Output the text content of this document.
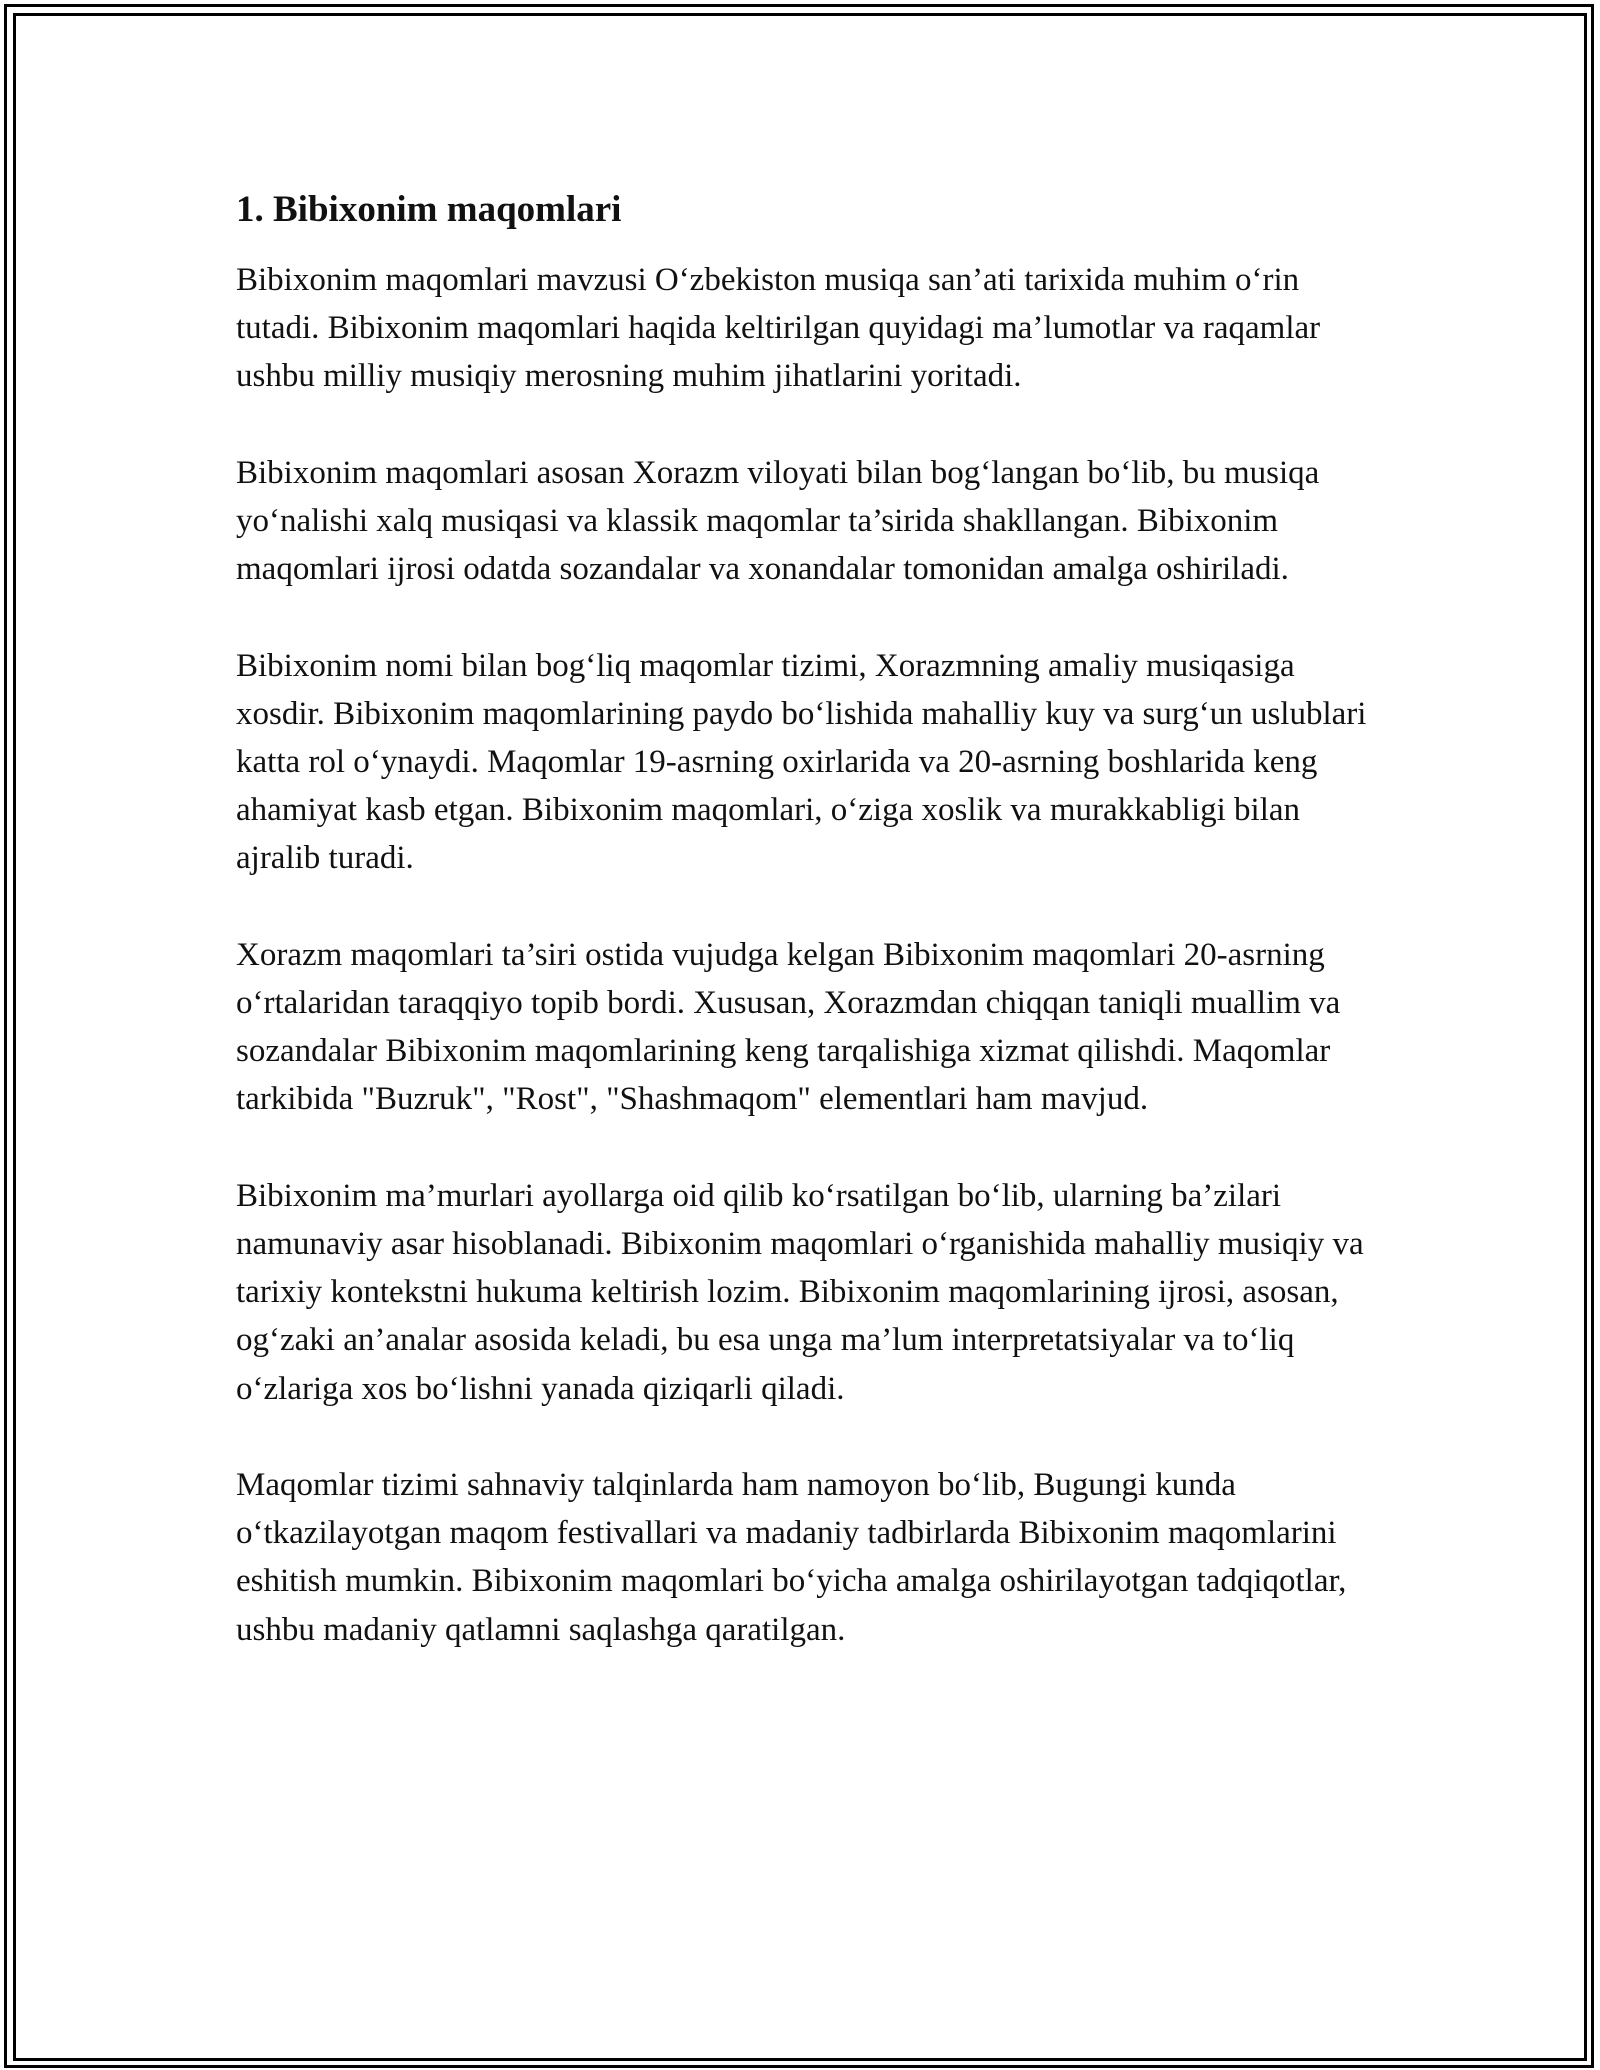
1. Bibixonim maqomlari

Bibixonim maqomlari mavzusi O‘zbekiston musiqa san’ati tarixida muhim o‘rin tutadi. Bibixonim maqomlari haqida keltirilgan quyidagi ma’lumotlar va raqamlar ushbu milliy musiqiy merosning muhim jihatlarini yoritadi.

Bibixonim maqomlari asosan Xorazm viloyati bilan bog‘langan bo‘lib, bu musiqa yo‘nalishi xalq musiqasi va klassik maqomlar ta’sirida shakllangan. Bibixonim maqomlari ijrosi odatda sozandalar va xonandalar tomonidan amalga oshiriladi.

Bibixonim nomi bilan bog‘liq maqomlar tizimi, Xorazmning amaliy musiqasiga xosdir. Bibixonim maqomlarining paydo bo‘lishida mahalliy kuy va surg‘un uslublari katta rol o‘ynaydi. Maqomlar 19-asrning oxirlarida va 20-asrning boshlarida keng ahamiyat kasb etgan. Bibixonim maqomlari, o‘ziga xoslik va murakkabligi bilan ajralib turadi.

Xorazm maqomlari ta’siri ostida vujudga kelgan Bibixonim maqomlari 20-asrning o‘rtalaridan taraqqiyo topib bordi. Xususan, Xorazmdan chiqqan taniqli muallim va sozandalar Bibixonim maqomlarining keng tarqalishiga xizmat qilishdi. Maqomlar tarkibida "Buzruk", "Rost", "Shashmaqom" elementlari ham mavjud.

Bibixonim ma’murlari ayollarga oid qilib ko‘rsatilgan bo‘lib, ularning ba’zilari namunaviy asar hisoblanadi. Bibixonim maqomlari o‘rganishida mahalliy musiqiy va tarixiy kontekstni hukuma keltirish lozim. Bibixonim maqomlarining ijrosi, asosan, og‘zaki an’analar asosida keladi, bu esa unga ma’lum interpretatsiyalar va to‘liq o‘zlariga xos bo‘lishni yanada qiziqarli qiladi.

Maqomlar tizimi sahnaviy talqinlarda ham namoyon bo‘lib, Bugungi kunda o‘tkazilayotgan maqom festivallari va madaniy tadbirlarda Bibixonim maqomlarini eshitish mumkin. Bibixonim maqomlari bo‘yicha amalga oshirilayotgan tadqiqotlar, ushbu madaniy qatlamni saqlashga qaratilgan.
